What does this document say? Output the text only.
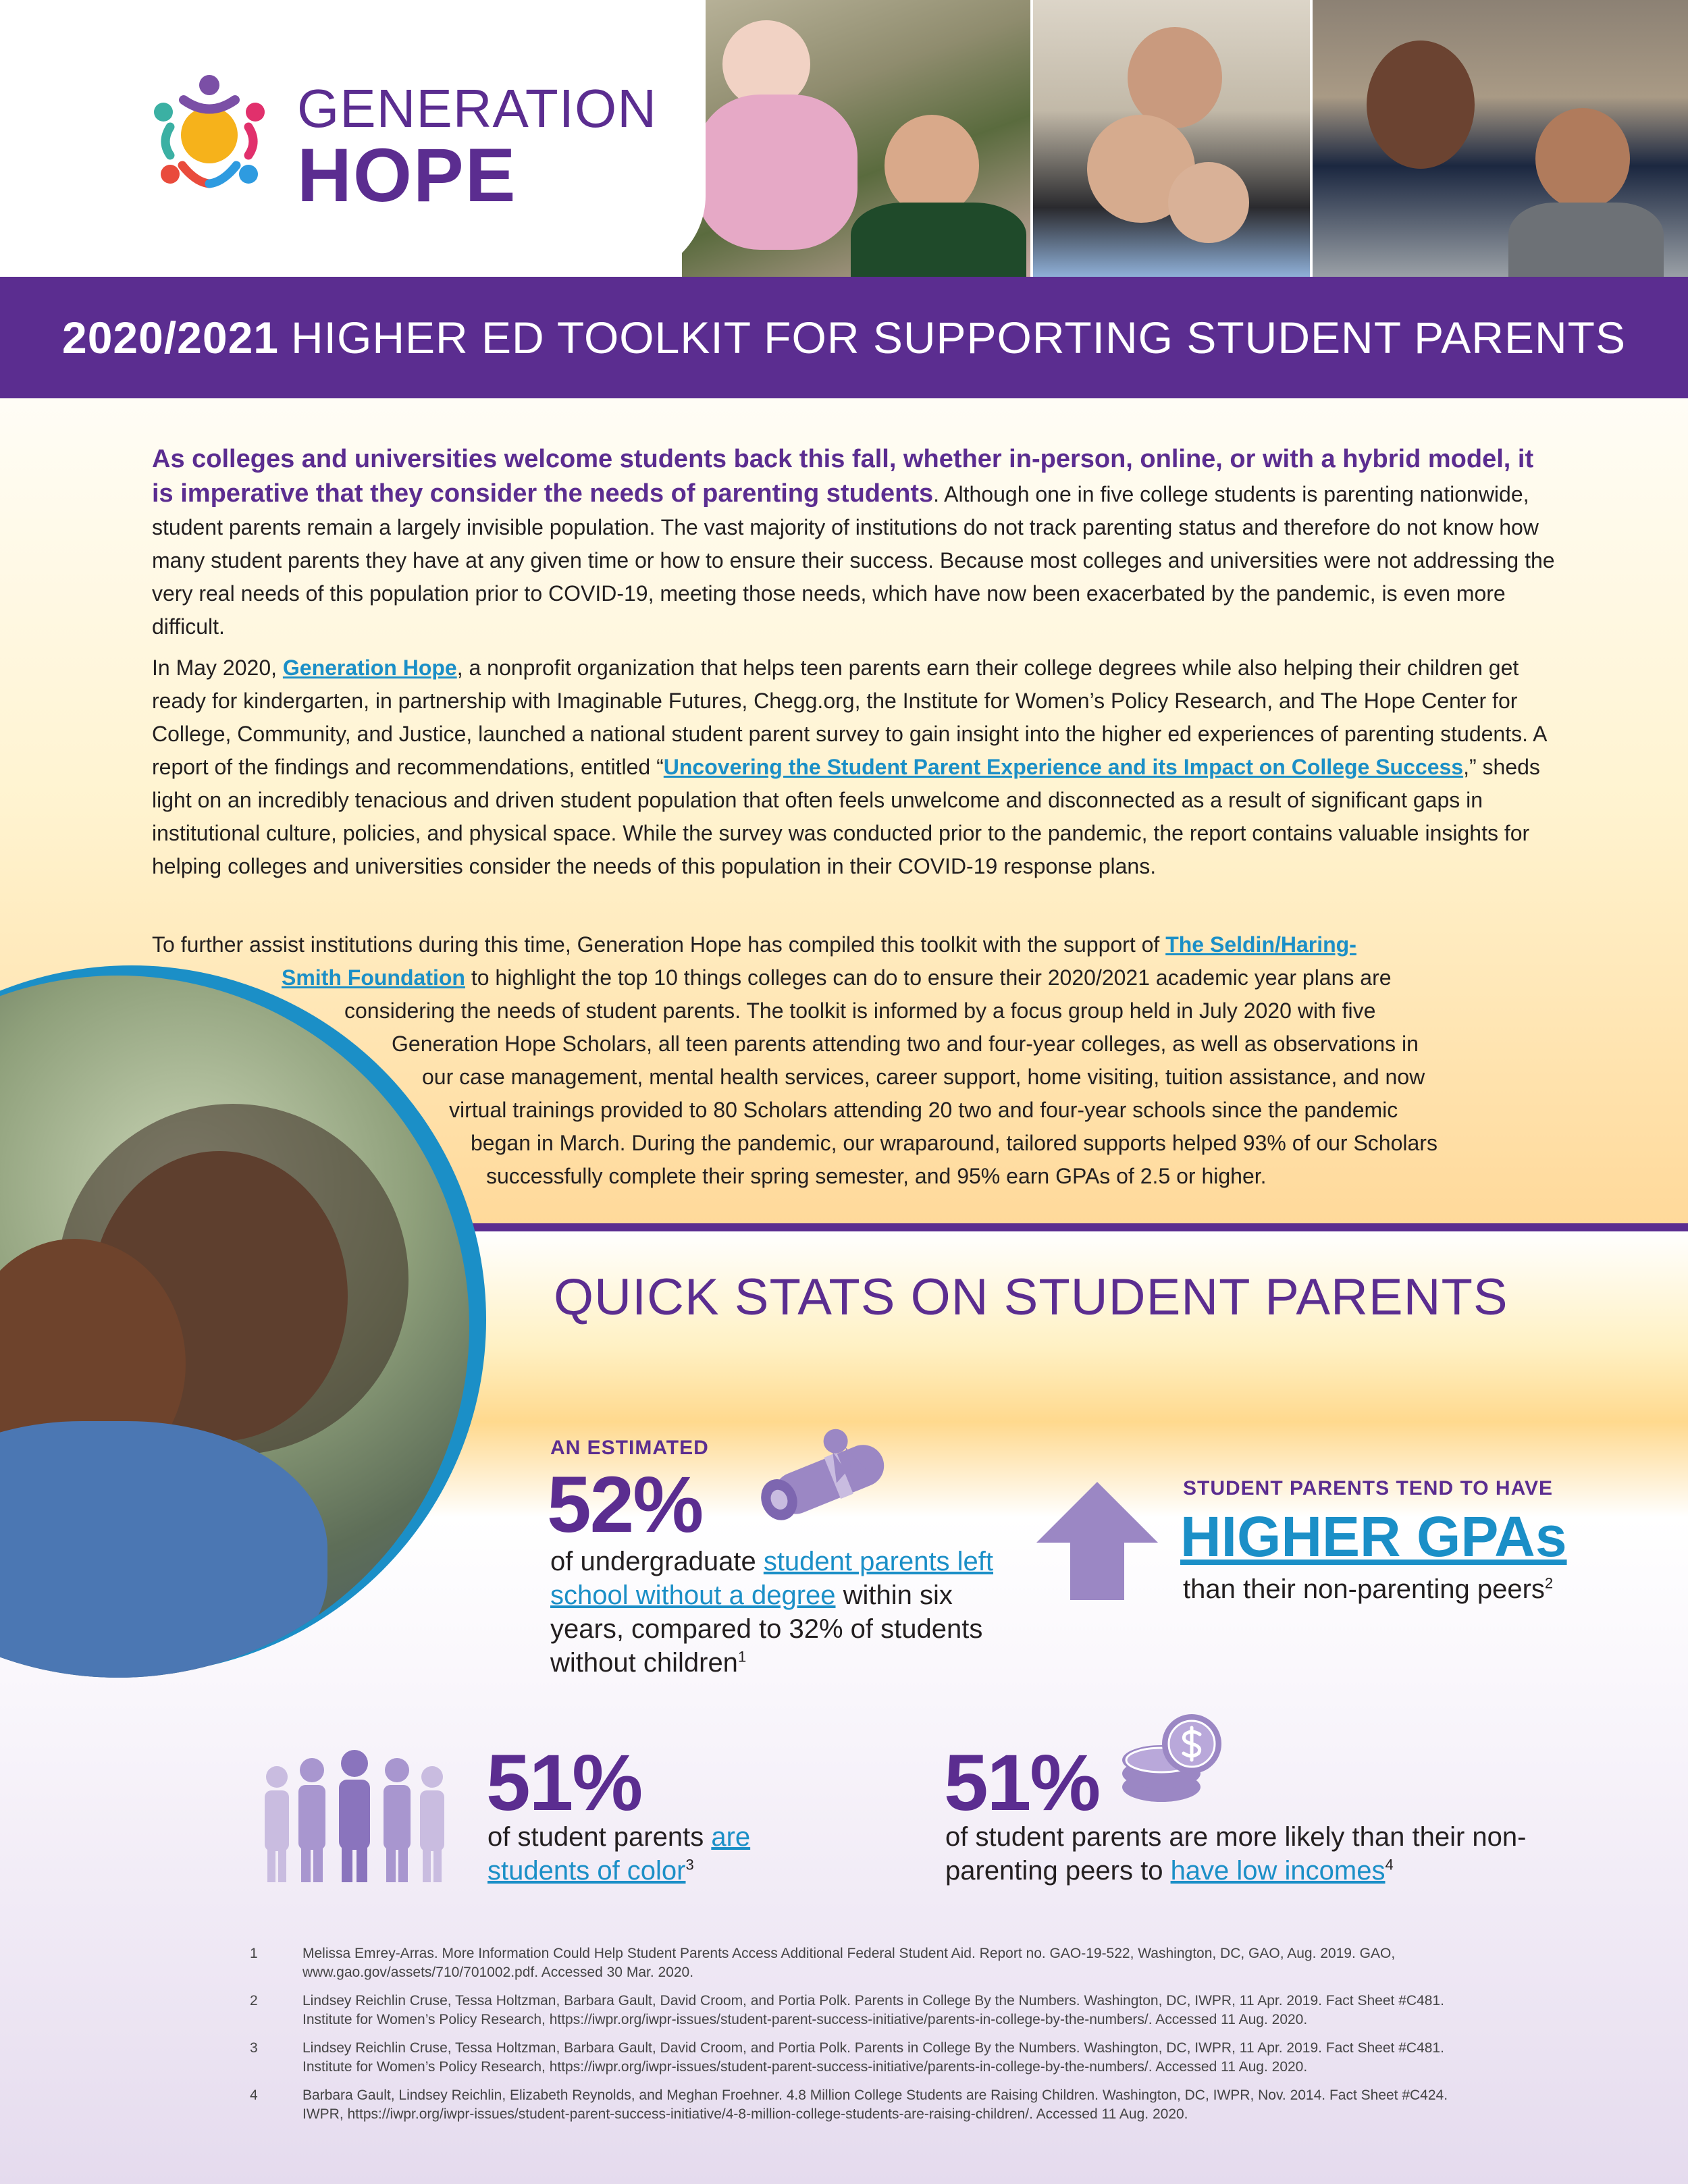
GENERATION
HOPE
2020/2021 HIGHER ED TOOLKIT FOR SUPPORTING STUDENT PARENTS

As colleges and universities welcome students back this fall, whether in-person, online, or with a hybrid model, it is imperative that they consider the needs of parenting students. Although one in five college students is parenting nationwide, student parents remain a largely invisible population. The vast majority of institutions do not track parenting status and therefore do not know how many student parents they have at any given time or how to ensure their success. Because most colleges and universities were not addressing the very real needs of this population prior to COVID-19, meeting those needs, which have now been exacerbated by the pandemic, is even more difficult.

In May 2020, Generation Hope, a nonprofit organization that helps teen parents earn their college degrees while also helping their children get ready for kindergarten, in partnership with Imaginable Futures, Chegg.org, the Institute for Women’s Policy Research, and The Hope Center for College, Community, and Justice, launched a national student parent survey to gain insight into the higher ed experiences of parenting students. A report of the findings and recommendations, entitled “Uncovering the Student Parent Experience and its Impact on College Success,” sheds light on an incredibly tenacious and driven student population that often feels unwelcome and disconnected as a result of significant gaps in institutional culture, policies, and physical space. While the survey was conducted prior to the pandemic, the report contains valuable insights for helping colleges and universities consider the needs of this population in their COVID-19 response plans.

To further assist institutions during this time, Generation Hope has compiled this toolkit with the support of The Seldin/Haring-
Smith Foundation to highlight the top 10 things colleges can do to ensure their 2020/2021 academic year plans are
considering the needs of student parents. The toolkit is informed by a focus group held in July 2020 with five
Generation Hope Scholars, all teen parents attending two and four-year colleges, as well as observations in
our case management, mental health services, career support, home visiting, tuition assistance, and now
virtual trainings provided to 80 Scholars attending 20 two and four-year schools since the pandemic
began in March. During the pandemic, our wraparound, tailored supports helped 93% of our Scholars
successfully complete their spring semester, and 95% earn GPAs of 2.5 or higher.
QUICK STATS ON STUDENT PARENTS
AN ESTIMATED
52%

of undergraduate student parents left school without a degree within six years, compared to 32% of students without children$^1$

STUDENT PARENTS TEND TO HAVE
HIGHER GPAs
than their non-parenting peers$^2$
51%

of student parents are students of color$^3$

51%

of student parents are more likely than their non-parenting peers to have low incomes$^4$

1	Melissa Emrey-Arras. More Information Could Help Student Parents Access Additional Federal Student Aid. Report no. GAO-19-522, Washington, DC, GAO, Aug. 2019. GAO, www.gao.gov/assets/710/701002.pdf. Accessed 30 Mar. 2020.
2	Lindsey Reichlin Cruse, Tessa Holtzman, Barbara Gault, David Croom, and Portia Polk. Parents in College By the Numbers. Washington, DC, IWPR, 11 Apr. 2019. Fact Sheet #C481. Institute for Women’s Policy Research, https://iwpr.org/iwpr-issues/student-parent-success-initiative/parents-in-college-by-the-numbers/. Accessed 11 Aug. 2020.
3	Lindsey Reichlin Cruse, Tessa Holtzman, Barbara Gault, David Croom, and Portia Polk. Parents in College By the Numbers. Washington, DC, IWPR, 11 Apr. 2019. Fact Sheet #C481. Institute for Women’s Policy Research, https://iwpr.org/iwpr-issues/student-parent-success-initiative/parents-in-college-by-the-numbers/. Accessed 11 Aug. 2020.
4	Barbara Gault, Lindsey Reichlin, Elizabeth Reynolds, and Meghan Froehner. 4.8 Million College Students are Raising Children. Washington, DC, IWPR, Nov. 2014. Fact Sheet #C424. IWPR, https://iwpr.org/iwpr-issues/student-parent-success-initiative/4-8-million-college-students-are-raising-children/. Accessed 11 Aug. 2020.
